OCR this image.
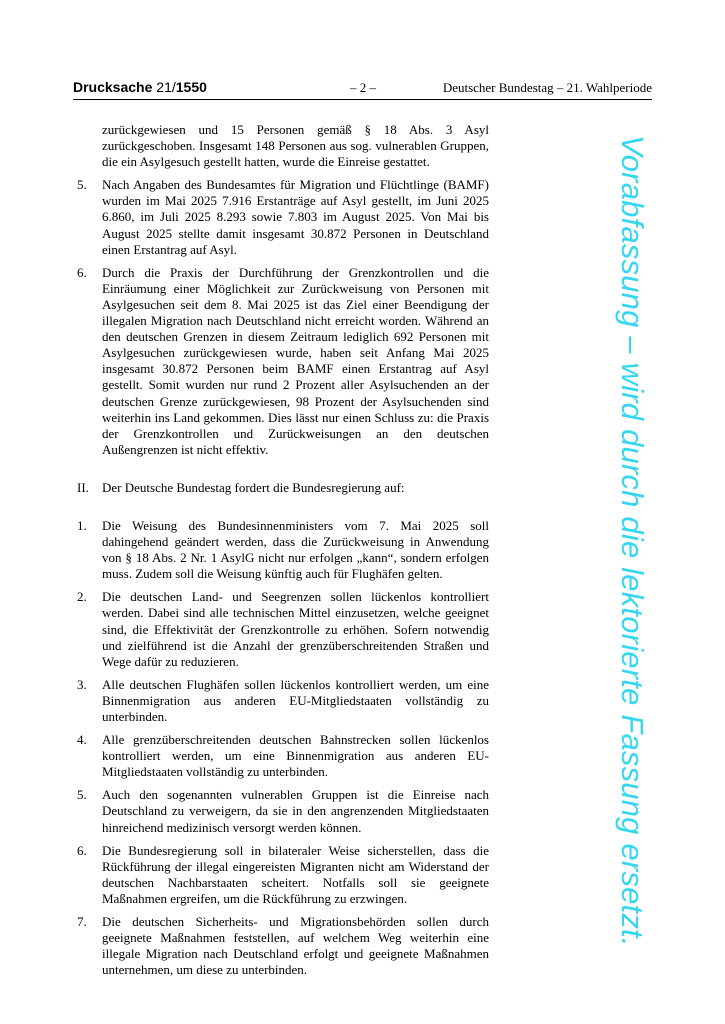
Drucksache 21/1550	– 2 –	Deutscher Bundestag – 21. Wahlperiode
zurückgewiesen und 15 Personen gemäß § 18 Abs. 3 Asyl zurückgeschoben. Insgesamt 148 Personen aus sog. vulnerablen Gruppen, die ein Asylgesuch gestellt hatten, wurde die Einreise gestattet.
5. Nach Angaben des Bundesamtes für Migration und Flüchtlinge (BAMF) wurden im Mai 2025 7.916 Erstanträge auf Asyl gestellt, im Juni 2025 6.860, im Juli 2025 8.293 sowie 7.803 im August 2025. Von Mai bis August 2025 stellte damit insgesamt 30.872 Personen in Deutschland einen Erstantrag auf Asyl.
6. Durch die Praxis der Durchführung der Grenzkontrollen und die Einräumung einer Möglichkeit zur Zurückweisung von Personen mit Asylgesuchen seit dem 8. Mai 2025 ist das Ziel einer Beendigung der illegalen Migration nach Deutschland nicht erreicht worden. Während an den deutschen Grenzen in diesem Zeitraum lediglich 692 Personen mit Asylgesuchen zurückgewiesen wurde, haben seit Anfang Mai 2025 insgesamt 30.872 Personen beim BAMF einen Erstantrag auf Asyl gestellt. Somit wurden nur rund 2 Prozent aller Asylsuchenden an der deutschen Grenze zurückgewiesen, 98 Prozent der Asylsuchenden sind weiterhin ins Land gekommen. Dies lässt nur einen Schluss zu: die Praxis der Grenzkontrollen und Zurückweisungen an den deutschen Außengrenzen ist nicht effektiv.
II. Der Deutsche Bundestag fordert die Bundesregierung auf:
1. Die Weisung des Bundesinnenministers vom 7. Mai 2025 soll dahingehend geändert werden, dass die Zurückweisung in Anwendung von § 18 Abs. 2 Nr. 1 AsylG nicht nur erfolgen „kann“, sondern erfolgen muss. Zudem soll die Weisung künftig auch für Flughäfen gelten.
2. Die deutschen Land- und Seegrenzen sollen lückenlos kontrolliert werden. Dabei sind alle technischen Mittel einzusetzen, welche geeignet sind, die Effektivität der Grenzkontrolle zu erhöhen. Sofern notwendig und zielführend ist die Anzahl der grenzüberschreitenden Straßen und Wege dafür zu reduzieren.
3. Alle deutschen Flughäfen sollen lückenlos kontrolliert werden, um eine Binnenmigration aus anderen EU-Mitgliedstaaten vollständig zu unterbinden.
4. Alle grenzüberschreitenden deutschen Bahnstrecken sollen lückenlos kontrolliert werden, um eine Binnenmigration aus anderen EU-Mitgliedstaaten vollständig zu unterbinden.
5. Auch den sogenannten vulnerablen Gruppen ist die Einreise nach Deutschland zu verweigern, da sie in den angrenzenden Mitgliedstaaten hinreichend medizinisch versorgt werden können.
6. Die Bundesregierung soll in bilateraler Weise sicherstellen, dass die Rückführung der illegal eingereisten Migranten nicht am Widerstand der deutschen Nachbarstaaten scheitert. Notfalls soll sie geeignete Maßnahmen ergreifen, um die Rückführung zu erzwingen.
7. Die deutschen Sicherheits- und Migrationsbehörden sollen durch geeignete Maßnahmen feststellen, auf welchem Weg weiterhin eine illegale Migration nach Deutschland erfolgt und geeignete Maßnahmen unternehmen, um diese zu unterbinden.
Vorabfassung – wird durch die lektorierte Fassung ersetzt.
